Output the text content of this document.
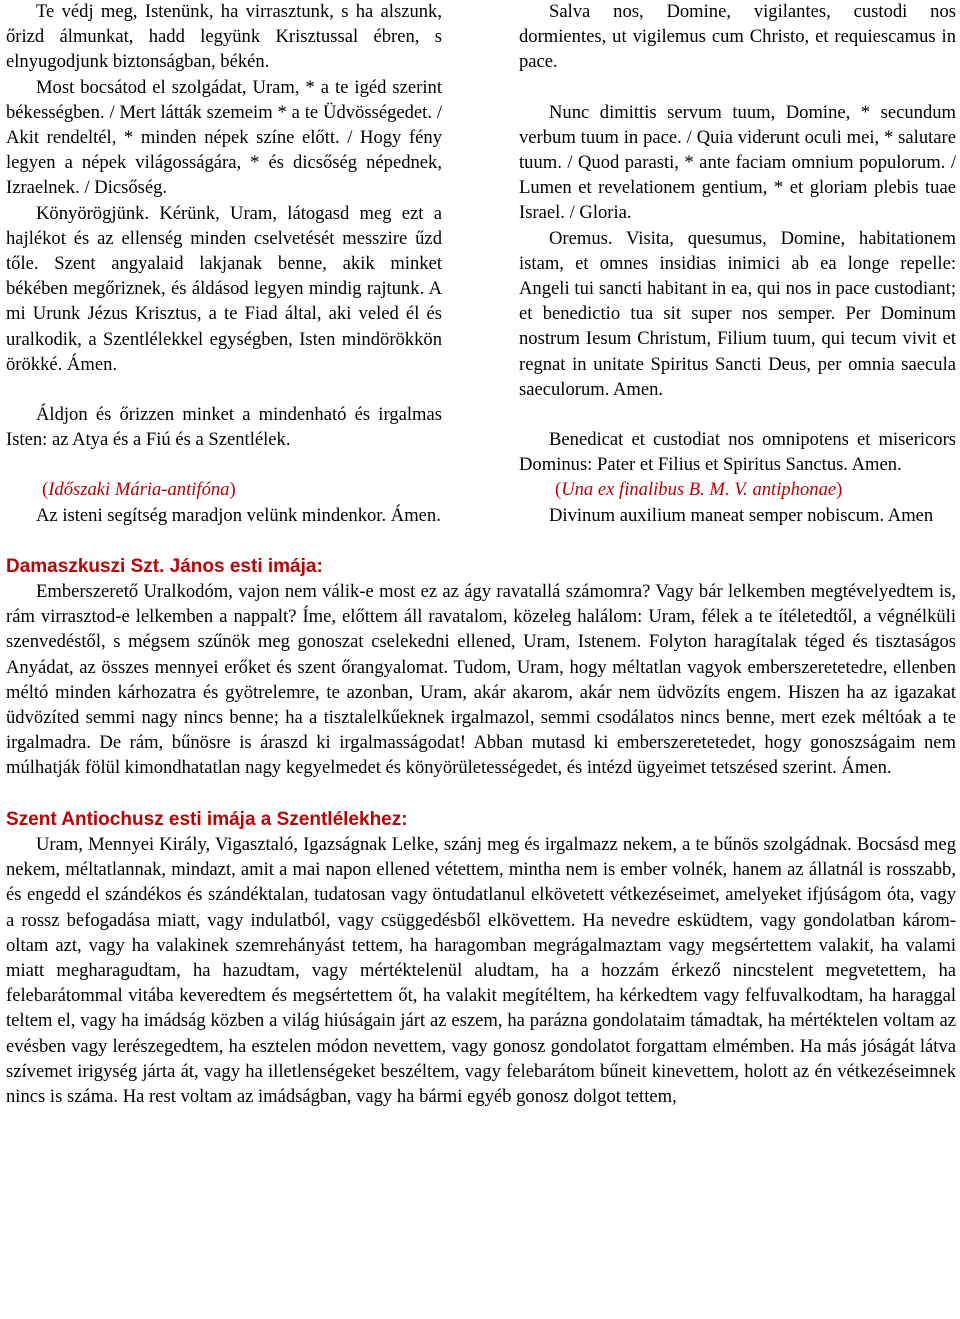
Te védj meg, Istenünk, ha virrasztunk, s ha alszunk, őrizd álmunkat, hadd legyünk Krisztussal ébren, s elnyugodjunk biztonságban, békén.

Most bocsátod el szolgádat, Uram, * a te igéd szerint békességben. / Mert látták szemeim * a te Üdvösségedet. / Akit rendeltél, * minden népek színe előtt. / Hogy fény legyen a népek világosságára, * és dicsőség népednek, Izraelnek. / Dicsőség.

Könyörögjünk. Kérünk, Uram, látogasd meg ezt a hajlékot és az ellenség minden cselvetését messzire űzd tőle. Szent angyalaid lakjanak benne, akik minket békében megőriznek, és áldásod legyen mindig rajtunk. A mi Urunk Jézus Krisztus, a te Fiad által, aki veled él és uralkodik, a Szentlélekkel egységben, Isten mindörökkön örökké. Ámen.

Áldjon és őrizzen minket a mindenható és irgalmas Isten: az Atya és a Fiú és a Szentlélek.

(Időszaki Mária-antifóna)

Az isteni segítség maradjon velünk mindenkor. Ámen.

Salva nos, Domine, vigilantes, custodi nos dormientes, ut vigilemus cum Christo, et requiescamus in pace.

Nunc dimittis servum tuum, Domine, * secundum verbum tuum in pace. / Quia viderunt oculi mei, * salutare tuum. / Quod parasti, * ante faciam omnium populorum. / Lumen et revelationem gentium, * et gloriam plebis tuae Israel. / Gloria.

Oremus. Visita, quesumus, Domine, habitationem istam, et omnes insidias inimici ab ea longe repelle: Angeli tui sancti habitant in ea, qui nos in pace custodiant; et benedictio tua sit super nos semper. Per Dominum nostrum Iesum Christum, Filium tuum, qui tecum vivit et regnat in unitate Spiritus Sancti Deus, per omnia saecula saeculorum. Amen.

Benedicat et custodiat nos omnipotens et misericors Dominus: Pater et Filius et Spiritus Sanctus. Amen.

(Una ex finalibus B. M. V. antiphonae)

Divinum auxilium maneat semper nobiscum. Amen

Damaszkuszi Szt. János esti imája:

Emberszerető Uralkodóm, vajon nem válik-e most ez az ágy ravatallá számomra? Vagy bár lelkemben megtévelyedtem is, rám virrasztod-e lelkemben a nappalt? Íme, előttem áll ravatalom, közeleg halálom: Uram, félek a te ítéletedtől, a végnélküli szenvedéstől, s mégsem szűnök meg gonoszat cselekedni ellened, Uram, Istenem. Folyton haragítalak téged és tisztaságos Anyádat, az összes mennyei erőket és szent őrangyalomat. Tudom, Uram, hogy méltatlan vagyok emberszeretetedre, ellenben méltó minden kárhozatra és gyötrelemre, te azonban, Uram, akár akarom, akár nem üdvözíts engem. Hiszen ha az igazakat üdvözíted semmi nagy nincs benne; ha a tisztalelkűeknek irgalmazol, semmi csodálatos nincs benne, mert ezek méltóak a te irgalmadra. De rám, bűnösre is áraszd ki irgalmasságodat! Abban mutasd ki emberszeretetedet, hogy gonoszságaim nem múlhatják fölül kimondhatatlan nagy kegyelmedet és könyörületességedet, és intézd ügyeimet tetszésed szerint. Ámen.

Szent Antiochusz esti imája a Szentlélekhez:

Uram, Mennyei Király, Vigasztaló, Igazságnak Lelke, szánj meg és irgalmazz nekem, a te bűnös szolgádnak. Bocsásd meg nekem, méltatlannak, mindazt, amit a mai napon ellened vétettem, mintha nem is ember volnék, hanem az állatnál is rosszabb, és engedd el szándékos és szándéktalan, tudatosan vagy öntudatlanul elkövetett vétkezéseimet, amelyeket ifjúságom óta, vagy a rossz befogadása miatt, vagy indulatból, vagy csüggedésből elkövettem. Ha nevedre esküdtem, vagy gondolatban káromoltam azt, vagy ha valakinek szemrehányást tettem, ha haragomban megrágalmaztam vagy megsértettem valakit, ha valami miatt megharagudtam, ha hazudtam, vagy mértéktelenül aludtam, ha a hozzám érkező nincstelent megvetettem, ha felebarátommal vitába keveredtem és megsértettem őt, ha valakit megítéltem, ha kérkedtem vagy felfuvalkodtam, ha haraggal teltem el, vagy ha imádság közben a világ hiúságain járt az eszem, ha parázna gondolataim támadtak, ha mértéktelen voltam az evésben vagy lerészegedtem, ha esztelen módon nevettem, vagy gonosz gondolatot forgattam elmémben. Ha más jóságát látva szívemet irigység járta át, vagy ha illetlenségeket beszéltem, vagy felebarátom bűneit kinevettem, holott az én vétkezéseimnek nincs is száma. Ha rest voltam az imádságban, vagy ha bármi egyéb gonosz dolgot tettem,
